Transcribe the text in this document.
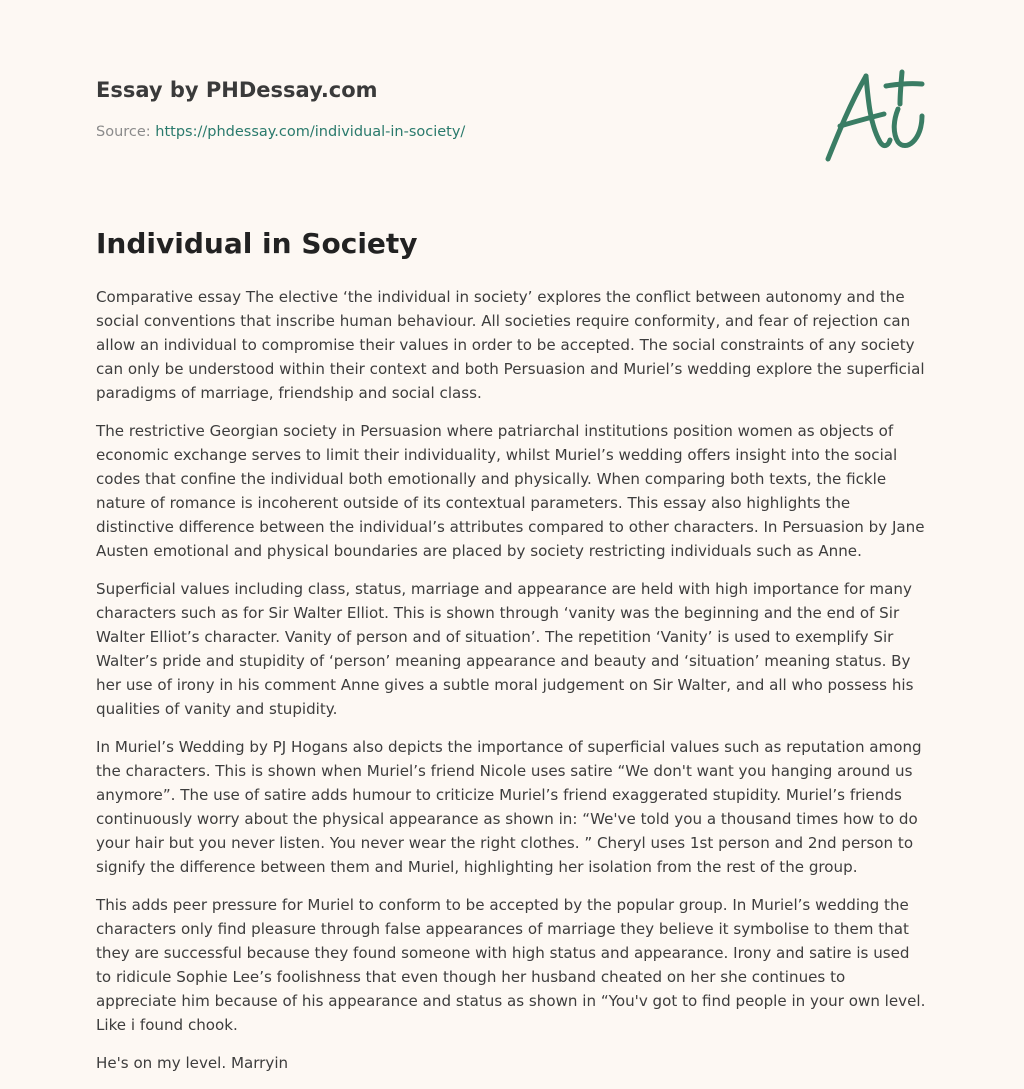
Essay by PHDessay.com
Source: https://phdessay.com/individual-in-society/
Individual in Society

Comparative essay The elective ‘the individual in society’ explores the conflict between autonomy and the social conventions that inscribe human behaviour. All societies require conformity, and fear of rejection can allow an individual to compromise their values in order to be accepted. The social constraints of any society can only be understood within their context and both Persuasion and Muriel’s wedding explore the superficial paradigms of marriage, friendship and social class.

The restrictive Georgian society in Persuasion where patriarchal institutions position women as objects of economic exchange serves to limit their individuality, whilst Muriel’s wedding offers insight into the social codes that confine the individual both emotionally and physically. When comparing both texts, the fickle nature of romance is incoherent outside of its contextual parameters. This essay also highlights the distinctive difference between the individual’s attributes compared to other characters. In Persuasion by Jane Austen emotional and physical boundaries are placed by society restricting individuals such as Anne.

Superficial values including class, status, marriage and appearance are held with high importance for many characters such as for Sir Walter Elliot. This is shown through ‘vanity was the beginning and the end of Sir Walter Elliot’s character. Vanity of person and of situation’. The repetition ‘Vanity’ is used to exemplify Sir Walter’s pride and stupidity of ‘person’ meaning appearance and beauty and ‘situation’ meaning status. By her use of irony in his comment Anne gives a subtle moral judgement on Sir Walter, and all who possess his qualities of vanity and stupidity.

In Muriel’s Wedding by PJ Hogans also depicts the importance of superficial values such as reputation among the characters. This is shown when Muriel’s friend Nicole uses satire “We don't want you hanging around us anymore”. The use of satire adds humour to criticize Muriel’s friend exaggerated stupidity. Muriel’s friends continuously worry about the physical appearance as shown in: “We've told you a thousand times how to do your hair but you never listen. You never wear the right clothes. ” Cheryl uses 1st person and 2nd person to signify the difference between them and Muriel, highlighting her isolation from the rest of the group.

This adds peer pressure for Muriel to conform to be accepted by the popular group. In Muriel’s wedding the characters only find pleasure through false appearances of marriage they believe it symbolise to them that they are successful because they found someone with high status and appearance. Irony and satire is used to ridicule Sophie Lee’s foolishness that even though her husband cheated on her she continues to appreciate him because of his appearance and status as shown in “You'v got to find people in your own level. Like i found chook.

He's on my level. Marryin
